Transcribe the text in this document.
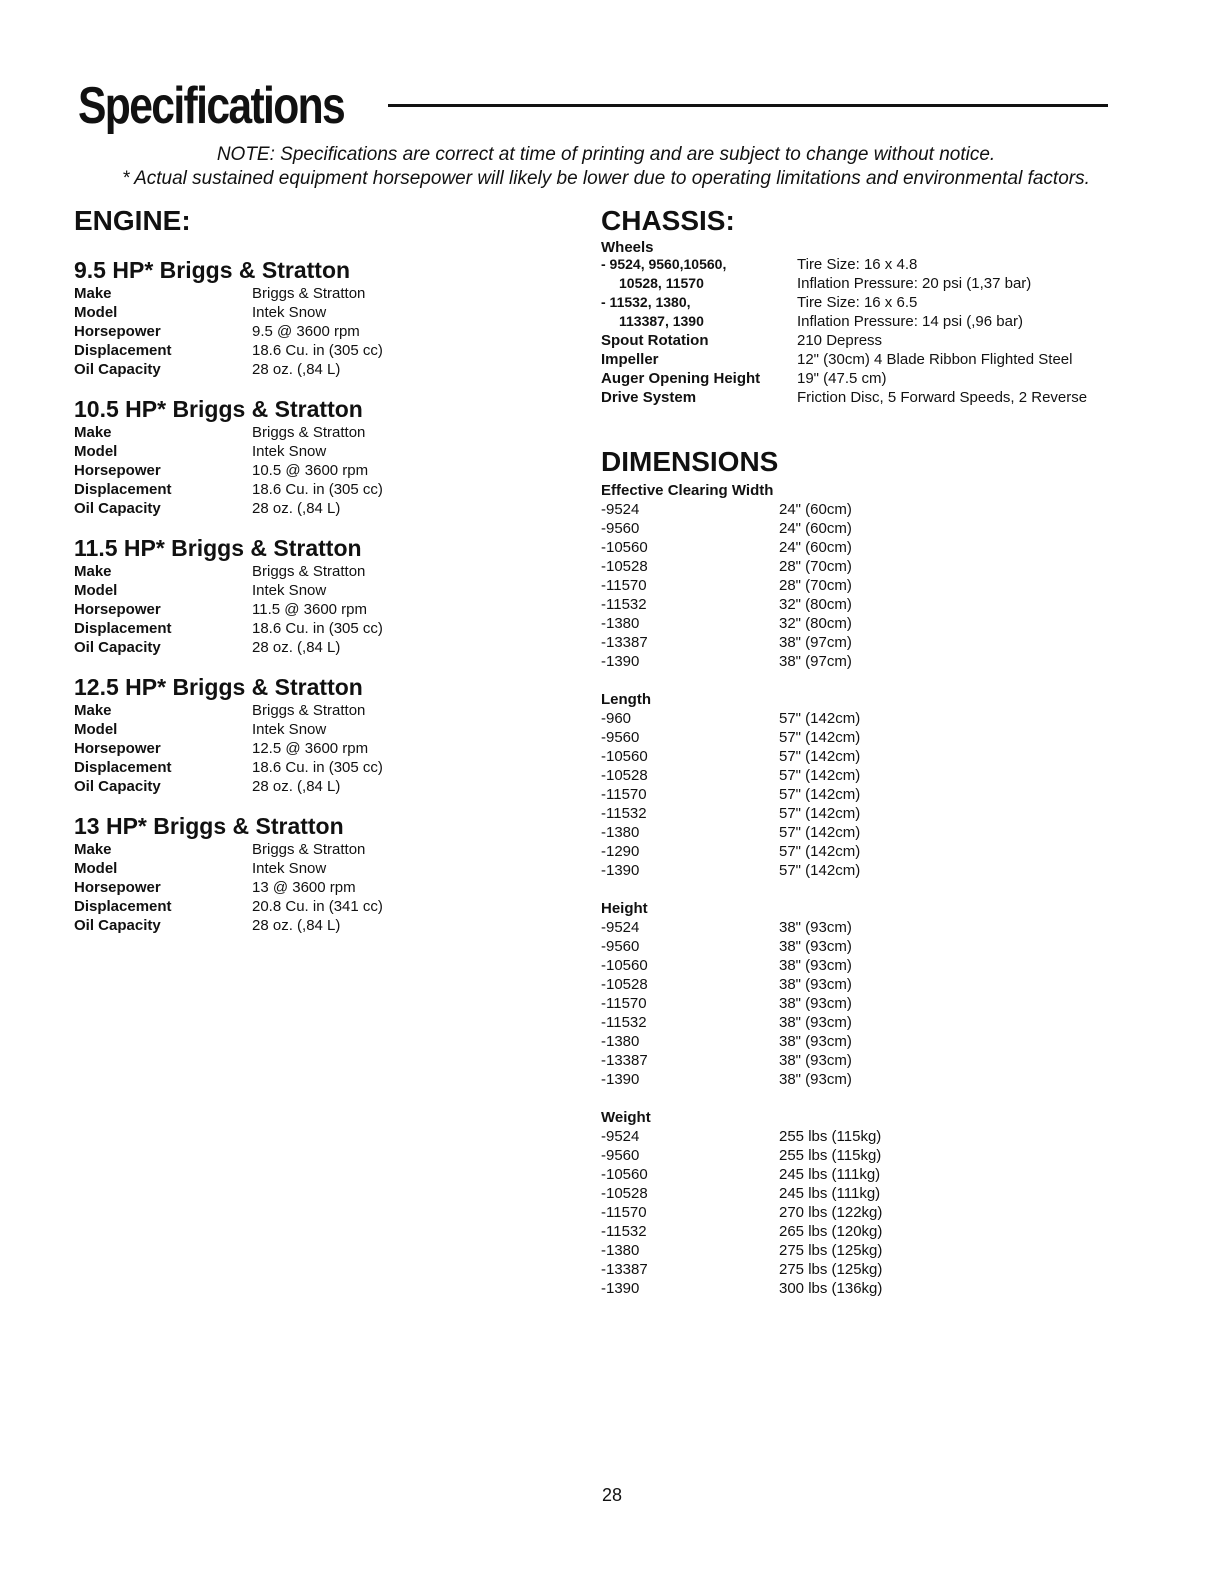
Specifications
NOTE: Specifications are correct at time of printing and are subject to change without notice.
* Actual sustained equipment horsepower will likely be lower due to operating limitations and environmental factors.
ENGINE:
9.5 HP* Briggs & Stratton
Make	Briggs & Stratton
Model	Intek Snow
Horsepower	9.5 @ 3600 rpm
Displacement	18.6 Cu. in (305 cc)
Oil Capacity	28 oz. (,84 L)
10.5 HP* Briggs & Stratton
Make	Briggs & Stratton
Model	Intek Snow
Horsepower	10.5 @ 3600 rpm
Displacement	18.6 Cu. in (305 cc)
Oil Capacity	28 oz. (,84 L)
11.5 HP* Briggs & Stratton
Make	Briggs & Stratton
Model	Intek Snow
Horsepower	11.5 @ 3600 rpm
Displacement	18.6 Cu. in (305 cc)
Oil Capacity	28 oz. (,84 L)
12.5 HP* Briggs & Stratton
Make	Briggs & Stratton
Model	Intek Snow
Horsepower	12.5 @ 3600 rpm
Displacement	18.6 Cu. in (305 cc)
Oil Capacity	28 oz. (,84 L)
13 HP* Briggs & Stratton
Make	Briggs & Stratton
Model	Intek Snow
Horsepower	13 @ 3600 rpm
Displacement	20.8 Cu. in (341 cc)
Oil Capacity	28 oz. (,84 L)
CHASSIS:
Wheels
- 9524, 9560,10560,	Tire Size: 16 x 4.8
10528, 11570	Inflation Pressure: 20 psi (1,37 bar)
- 11532, 1380,	Tire Size: 16 x 6.5
113387, 1390	Inflation Pressure: 14 psi (,96 bar)
Spout Rotation	210 Depress
Impeller	12" (30cm) 4 Blade Ribbon Flighted Steel
Auger Opening Height	19" (47.5 cm)
Drive System	Friction Disc, 5 Forward Speeds, 2 Reverse
DIMENSIONS
Effective Clearing Width
-9524	24" (60cm)
-9560	24" (60cm)
-10560	24" (60cm)
-10528	28" (70cm)
-11570	28" (70cm)
-11532	32" (80cm)
-1380	32" (80cm)
-13387	38" (97cm)
-1390	38" (97cm)
Length
-960	57" (142cm)
-9560	57" (142cm)
-10560	57" (142cm)
-10528	57" (142cm)
-11570	57" (142cm)
-11532	57" (142cm)
-1380	57" (142cm)
-1290	57" (142cm)
-1390	57" (142cm)
Height
-9524	38" (93cm)
-9560	38" (93cm)
-10560	38" (93cm)
-10528	38" (93cm)
-11570	38" (93cm)
-11532	38" (93cm)
-1380	38" (93cm)
-13387	38" (93cm)
-1390	38" (93cm)
Weight
-9524	255 lbs (115kg)
-9560	255 lbs (115kg)
-10560	245 lbs (111kg)
-10528	245 lbs (111kg)
-11570	270 lbs (122kg)
-11532	265 lbs (120kg)
-1380	275 lbs (125kg)
-13387	275 lbs (125kg)
-1390	300 lbs (136kg)
28
